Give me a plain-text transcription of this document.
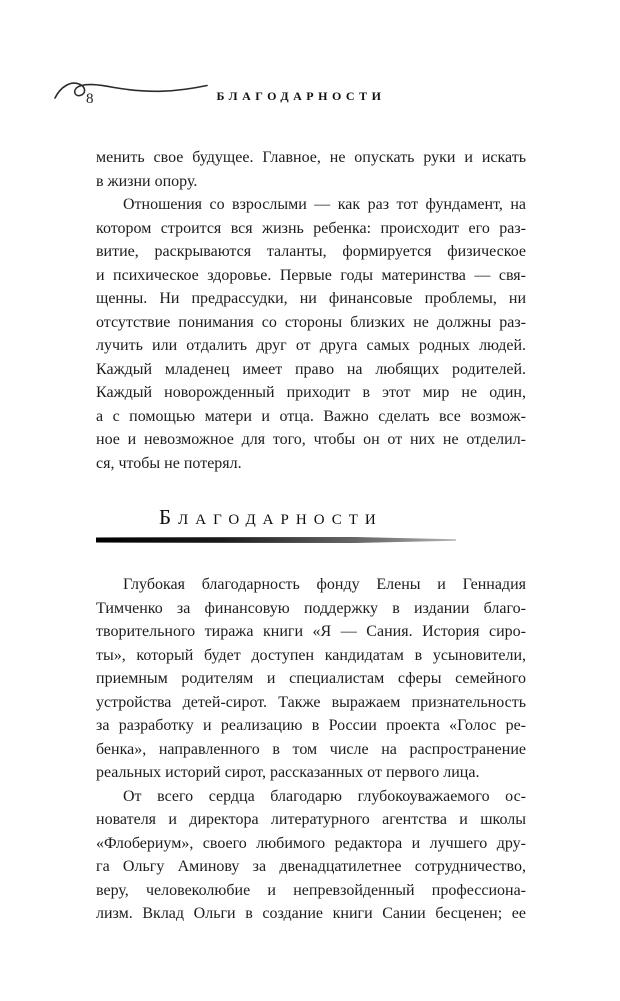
8	БЛАГОДАРНОСТИ
менить свое будущее. Главное, не опускать руки и искать
в жизни опору.
Отношения со взрослыми — как раз тот фундамент, на
котором строится вся жизнь ребенка: происходит его раз-
витие, раскрываются таланты, формируется физическое
и психическое здоровье. Первые годы материнства — свя-
щенны. Ни предрассудки, ни финансовые проблемы, ни
отсутствие понимания со стороны близких не должны раз-
лучить или отдалить друг от друга самых родных людей.
Каждый младенец имеет право на любящих родителей.
Каждый новорожденный приходит в этот мир не один,
а с помощью матери и отца. Важно сделать все возмож-
ное и невозможное для того, чтобы он от них не отделил-
ся, чтобы не потерял.
Благодарности
Глубокая благодарность фонду Елены и Геннадия
Тимченко за финансовую поддержку в издании благо-
творительного тиража книги «Я — Сания. История сиро-
ты», который будет доступен кандидатам в усыновители,
приемным родителям и специалистам сферы семейного
устройства детей-сирот. Также выражаем признательность
за разработку и реализацию в России проекта «Голос ре-
бенка», направленного в том числе на распространение
реальных историй сирот, рассказанных от первого лица.
От всего сердца благодарю глубокоуважаемого ос-
нователя и директора литературного агентства и школы
«Флобериум», своего любимого редактора и лучшего дру-
га Ольгу Аминову за двенадцатилетнее сотрудничество,
веру, человеколюбие и непревзойденный профессиона-
лизм. Вклад Ольги в создание книги Сании бесценен; ее
